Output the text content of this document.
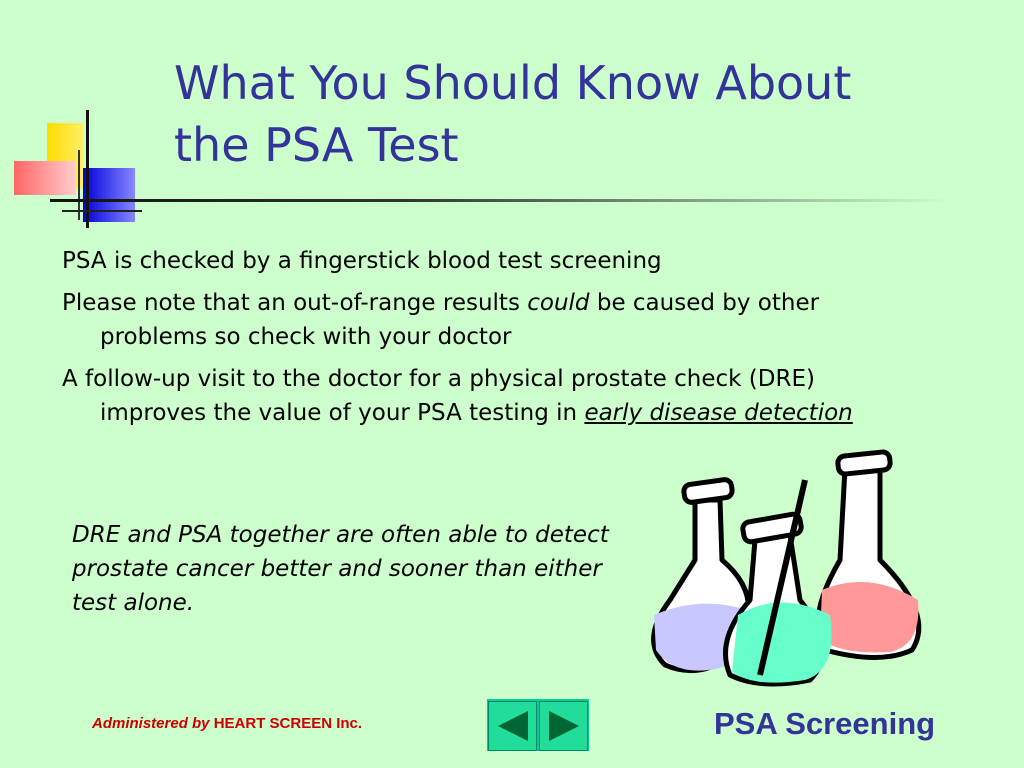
What You Should Know About
the PSA Test
PSA is checked by a fingerstick blood test screening
Please note that an out-of-range results could be caused by other problems so check with your doctor
A follow-up visit to the doctor for a physical prostate check (DRE) improves the value of your PSA testing in early disease detection
DRE and PSA together are often able to detect prostate cancer better and sooner than either test alone.
Administered by HEART SCREEN Inc.	PSA Screening
